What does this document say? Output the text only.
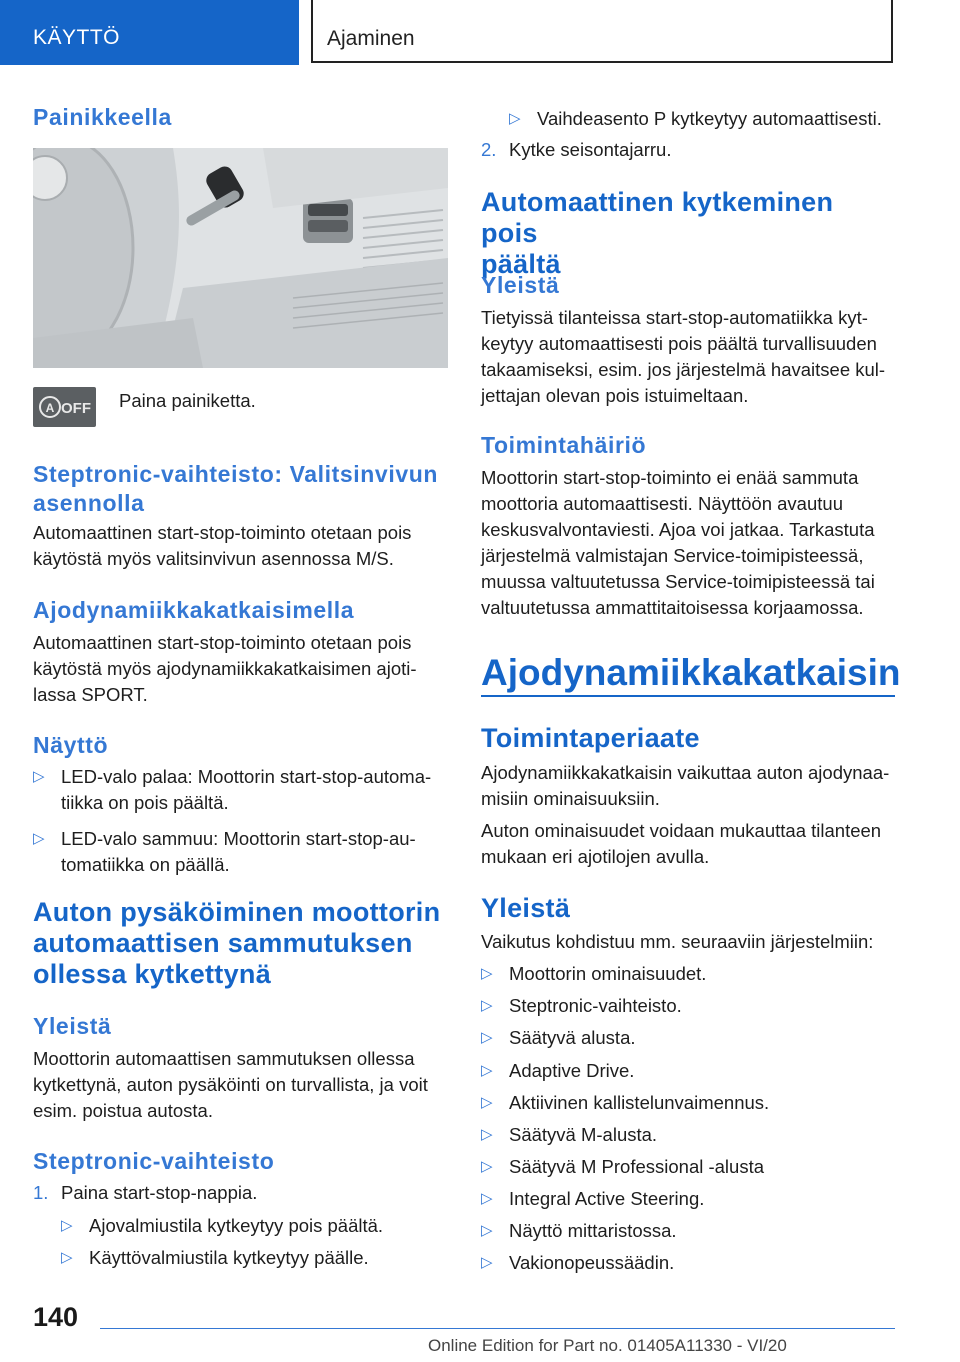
KÄYTTÖ	Ajaminen
Painikkeella
A OFF Paina painiketta.
Steptronic-vaihteisto: Valitsinvivun
asennolla
Automaattinen start-stop-toiminto otetaan pois
käytöstä myös valitsinvivun asennossa M/S.
Ajodynamiikkakatkaisimella
Automaattinen start-stop-toiminto otetaan pois
käytöstä myös ajodynamiikkakatkaisimen ajoti-
lassa SPORT.
Näyttö
▷ LED-valo palaa: Moottorin start-stop-automa-
tiikka on pois päältä.
▷ LED-valo sammuu: Moottorin start-stop-au-
tomatiikka on päällä.
Auton pysäköiminen moottorin
automaattisen sammutuksen
ollessa kytkettynä
Yleistä
Moottorin automaattisen sammutuksen ollessa
kytkettynä, auton pysäköinti on turvallista, ja voit
esim. poistua autosta.
Steptronic-vaihteisto
1. Paina start-stop-nappia.
▷ Ajovalmiustila kytkeytyy pois päältä.
▷ Käyttövalmiustila kytkeytyy päälle.
▷ Vaihdeasento P kytkeytyy automaattisesti.
2. Kytke seisontajarru.
Automaattinen kytkeminen pois
päältä
Yleistä
Tietyissä tilanteissa start-stop-automatiikka kyt-
keytyy automaattisesti pois päältä turvallisuuden
takaamiseksi, esim. jos järjestelmä havaitsee kul-
jettajan olevan pois istuimeltaan.
Toimintahäiriö
Moottorin start-stop-toiminto ei enää sammuta
moottoria automaattisesti. Näyttöön avautuu
keskusvalvontaviesti. Ajoa voi jatkaa. Tarkastuta
järjestelmä valmistajan Service-toimipisteessä,
muussa valtuutetussa Service-toimipisteessä tai
valtuutetussa ammattitaitoisessa korjaamossa.
Ajodynamiikkakatkaisin
Toimintaperiaate
Ajodynamiikkakatkaisin vaikuttaa auton ajodynaa-
misiin ominaisuuksiin.
Auton ominaisuudet voidaan mukauttaa tilanteen
mukaan eri ajotilojen avulla.
Yleistä
Vaikutus kohdistuu mm. seuraaviin järjestelmiin:
▷ Moottorin ominaisuudet.
▷ Steptronic-vaihteisto.
▷ Säätyvä alusta.
▷ Adaptive Drive.
▷ Aktiivinen kallistelunvaimennus.
▷ Säätyvä M-alusta.
▷ Säätyvä M Professional -alusta
▷ Integral Active Steering.
▷ Näyttö mittaristossa.
▷ Vakionopeussäädin.
140
Online Edition for Part no. 01405A11330 - VI/20
